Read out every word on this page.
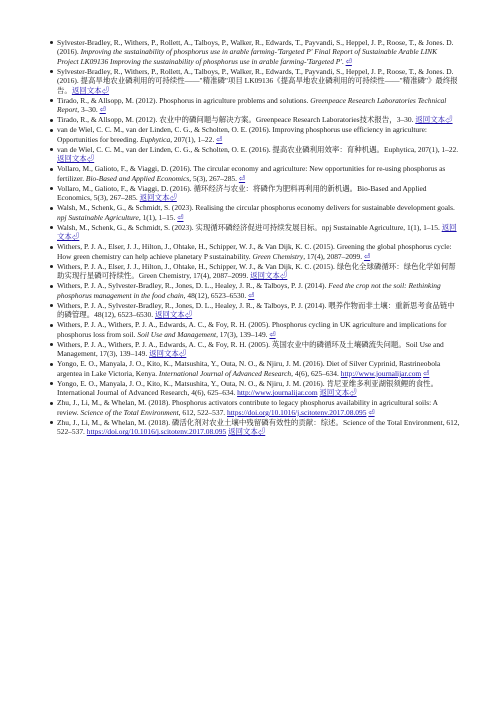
Sylvester-Bradley, R., Withers, P., Rollett, A., Talboys, P., Walker, R., Edwards, T., Payvandi, S., Heppel, J. P., Roose, T., & Jones. D. (2016). Improving the sustainability of phosphorus use in arable farming-'Targeted P' Final Report of Sustainable Arable LINK Project LK09136 Improving the sustainability of phosphorus use in arable farming-'Targeted P'. ⏎
Sylvester-Bradley, R., Withers, P., Rollett, A., Talboys, P., Walker, R., Edwards, T., Payvandi, S., Heppel, J. P., Roose, T., & Jones. D. (2016). 提高旱地农业磷利用的可持续性——"精准磷"项目 LK09136《提高旱地农业磷利用的可持续性——"精准磷"》最终报告。返回文本⏎
Tirado, R., & Allsopp, M. (2012). Phosphorus in agriculture problems and solutions. Greenpeace Research Laboratories Technical Report, 3–30. ⏎
Tirado, R., & Allsopp, M. (2012). 农业中的磷问题与解决方案。Greenpeace Research Laboratories技术报告，3–30. 返回文本⏎
van de Wiel, C. C. M., van der Linden, C. G., & Scholten, O. E. (2016). Improving phosphorus use efficiency in agriculture: Opportunities for breeding. Euphytica, 207(1), 1–22. ⏎
van de Wiel, C. C. M., van der Linden, C. G., & Scholten, O. E. (2016). 提高农业磷利用效率：育种机遇。Euphytica, 207(1), 1–22. 返回文本⏎
Vollaro, M., Galioto, F., & Viaggi, D. (2016). The circular economy and agriculture: New opportunities for re-using phosphorus as fertilizer. Bio-Based and Applied Economics, 5(3), 267–285. ⏎
Vollaro, M., Galioto, F., & Viaggi, D. (2016). 循环经济与农业：将磷作为肥料再利用的新机遇。Bio-Based and Applied Economics, 5(3), 267–285. 返回文本⏎
Walsh, M., Schenk, G., & Schmidt, S. (2023). Realising the circular phosphorus economy delivers for sustainable development goals. npj Sustainable Agriculture, 1(1), 1–15. ⏎
Walsh, M., Schenk, G., & Schmidt, S. (2023). 实现循环磷经济促进可持续发展目标。npj Sustainable Agriculture, 1(1), 1–15. 返回文本⏎
Withers, P. J. A., Elser, J. J., Hilton, J., Ohtake, H., Schipper, W. J., & Van Dijk, K. C. (2015). Greening the global phosphorus cycle: How green chemistry can help achieve planetary P sustainability. Green Chemistry, 17(4), 2087–2099. ⏎
Withers, P. J. A., Elser, J. J., Hilton, J., Ohtake, H., Schipper, W. J., & Van Dijk, K. C. (2015). 绿色化全球磷循环：绿色化学如何帮助实现行星磷可持续性。Green Chemistry, 17(4), 2087–2099. 返回文本⏎
Withers, P. J. A., Sylvester-Bradley, R., Jones, D. L., Healey, J. R., & Talboys, P. J. (2014). Feed the crop not the soil: Rethinking phosphorus management in the food chain, 48(12), 6523–6530. ⏎
Withers, P. J. A., Sylvester-Bradley, R., Jones, D. L., Healey, J. R., & Talboys, P. J. (2014). 喂养作物而非土壤：重新思考食品链中的磷管理。48(12), 6523–6530. 返回文本⏎
Withers, P. J. A., Withers, P. J. A., Edwards, A. C., & Foy, R. H. (2005). Phosphorus cycling in UK agriculture and implications for phosphorus loss from soil. Soil Use and Management, 17(3), 139–149. ⏎
Withers, P. J. A., Withers, P. J. A., Edwards, A. C., & Foy, R. H. (2005). 英国农业中的磷循环及土壤磷流失问题。Soil Use and Management, 17(3), 139–149. 返回文本⏎
Yongo, E. O., Manyala, J. O., Kito, K., Matsushita, Y., Outa, N. O., & Njiru, J. M. (2016). Diet of Silver Cyprinid, Rastrineobola argentea in Lake Victoria, Kenya. International Journal of Advanced Research, 4(6), 625–634. http://www.journalijar.com ⏎
Yongo, E. O., Manyala, J. O., Kito, K., Matsushita, Y., Outa, N. O., & Njiru, J. M. (2016). 肯尼亚维多利亚湖银须鲤的食性。International Journal of Advanced Research, 4(6), 625–634. http://www.journalijar.com 返回文本⏎
Zhu, J., Li, M., & Whelan, M. (2018). Phosphorus activators contribute to legacy phosphorus availability in agricultural soils: A review. Science of the Total Environment, 612, 522–537. https://doi.org/10.1016/j.scitotenv.2017.08.095 ⏎
Zhu, J., Li, M., & Whelan, M. (2018). 磷活化剂对农业土壤中残留磷有效性的贡献：综述。Science of the Total Environment, 612, 522–537. https://doi.org/10.1016/j.scitotenv.2017.08.095 返回文本⏎
